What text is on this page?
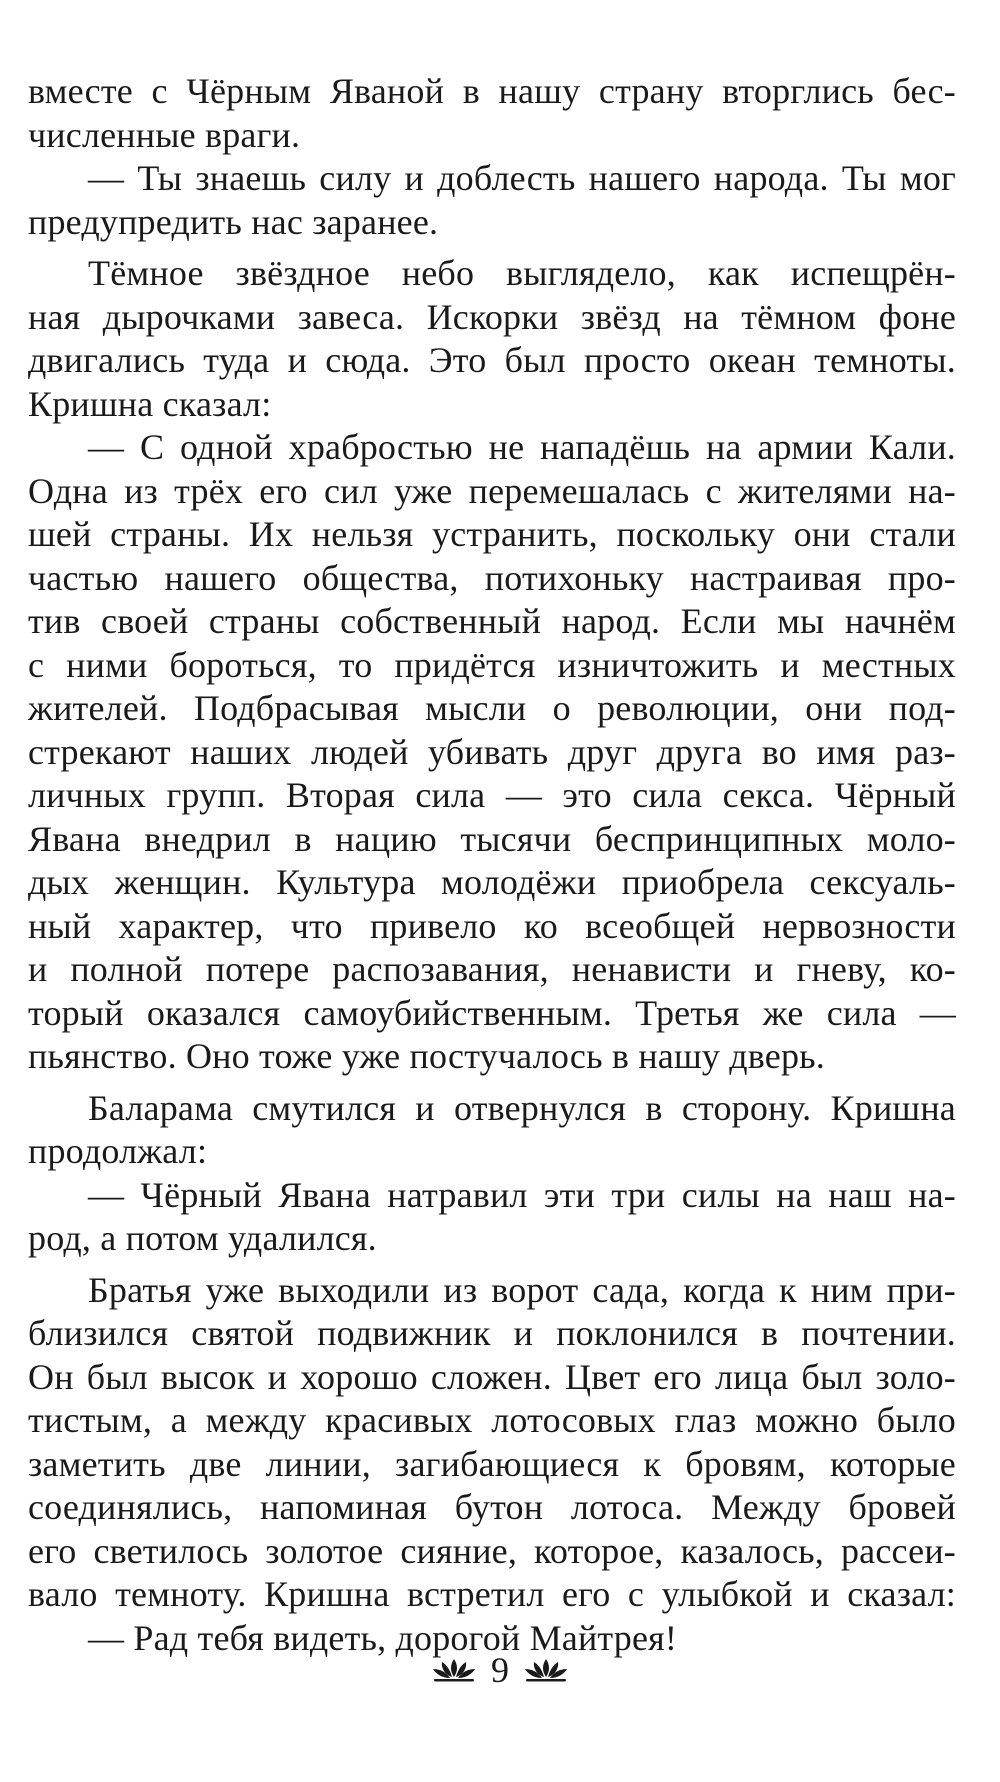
вместе с Чёрным Яваной в нашу страну вторглись бес-
численные враги.
— Ты знаешь силу и доблесть нашего народа. Ты мог
предупредить нас заранее.
Тёмное звёздное небо выглядело, как испещрён-
ная дырочками завеса. Искорки звёзд на тёмном фоне
двигались туда и сюда. Это был просто океан темноты.
Кришна сказал:
— С одной храбростью не нападёшь на армии Кали.
Одна из трёх его сил уже перемешалась с жителями на-
шей страны. Их нельзя устранить, поскольку они стали
частью нашего общества, потихоньку настраивая про-
тив своей страны собственный народ. Если мы начнём
с ними бороться, то придётся изничтожить и местных
жителей. Подбрасывая мысли о революции, они под-
стрекают наших людей убивать друг друга во имя раз-
личных групп. Вторая сила — это сила секса. Чёрный
Явана внедрил в нацию тысячи беспринципных моло-
дых женщин. Культура молодёжи приобрела сексуаль-
ный характер, что привело ко всеобщей нервозности
и полной потере распозавания, ненависти и гневу, ко-
торый оказался самоубийственным. Третья же сила —
пьянство. Оно тоже уже постучалось в нашу дверь.
Баларама смутился и отвернулся в сторону. Кришна
продолжал:
— Чёрный Явана натравил эти три силы на наш на-
род, а потом удалился.
Братья уже выходили из ворот сада, когда к ним при-
близился святой подвижник и поклонился в почтении.
Он был высок и хорошо сложен. Цвет его лица был золо-
тистым, а между красивых лотосовых глаз можно было
заметить две линии, загибающиеся к бровям, которые
соединялись, напоминая бутон лотоса. Между бровей
его светилось золотое сияние, которое, казалось, рассеи-
вало темноту. Кришна встретил его с улыбкой и сказал:
— Рад тебя видеть, дорогой Майтрея!
9
